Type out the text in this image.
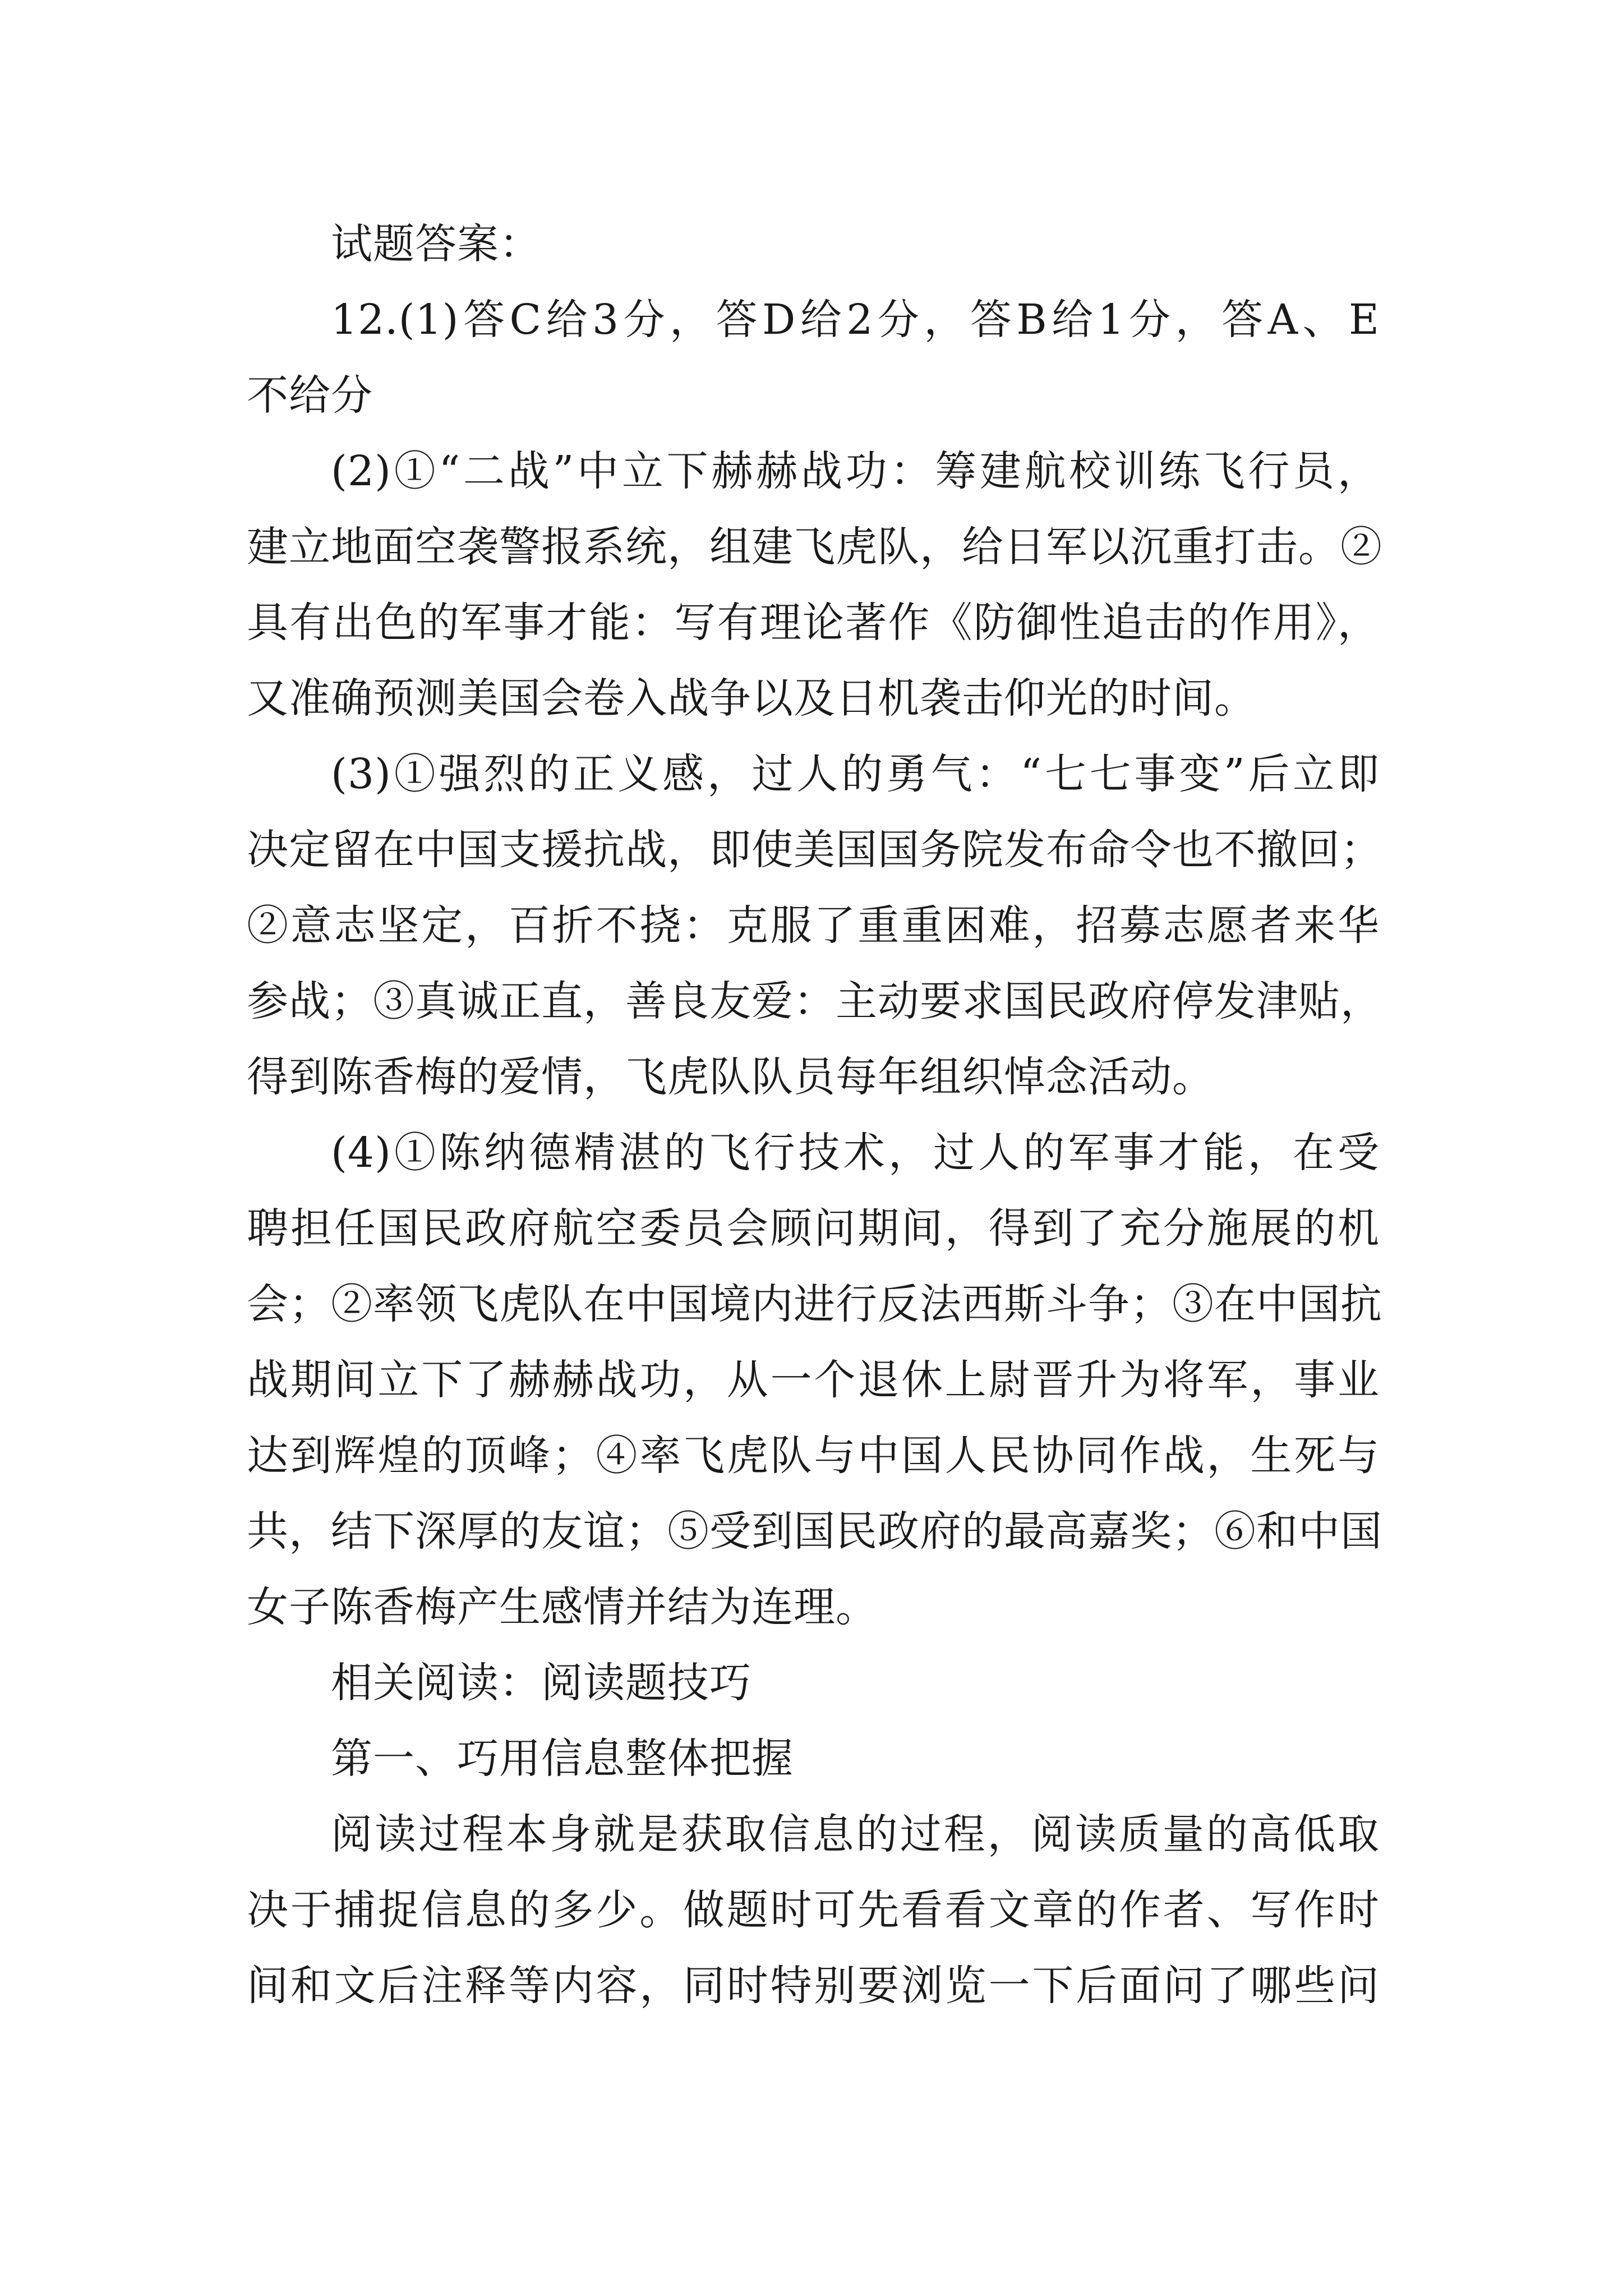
试题答案：
12.(1)答C给3分，答D给2分，答B给1分，答A、E
不给分
(2)①“二战”中立下赫赫战功：筹建航校训练飞行员，
建立地面空袭警报系统，组建飞虎队，给日军以沉重打击。②
具有出色的军事才能：写有理论著作《防御性追击的作用》，
又准确预测美国会卷入战争以及日机袭击仰光的时间。
(3)①强烈的正义感，过人的勇气：“七七事变”后立即
决定留在中国支援抗战，即使美国国务院发布命令也不撤回；
②意志坚定，百折不挠：克服了重重困难，招募志愿者来华
参战；③真诚正直，善良友爱：主动要求国民政府停发津贴，
得到陈香梅的爱情，飞虎队队员每年组织悼念活动。
(4)①陈纳德精湛的飞行技术，过人的军事才能，在受
聘担任国民政府航空委员会顾问期间，得到了充分施展的机
会；②率领飞虎队在中国境内进行反法西斯斗争；③在中国抗
战期间立下了赫赫战功，从一个退休上尉晋升为将军，事业
达到辉煌的顶峰；④率飞虎队与中国人民协同作战，生死与
共，结下深厚的友谊；⑤受到国民政府的最高嘉奖；⑥和中国
女子陈香梅产生感情并结为连理。
相关阅读：阅读题技巧
第一、巧用信息整体把握
阅读过程本身就是获取信息的过程，阅读质量的高低取
决于捕捉信息的多少。做题时可先看看文章的作者、写作时
间和文后注释等内容，同时特别要浏览一下后面问了哪些问
